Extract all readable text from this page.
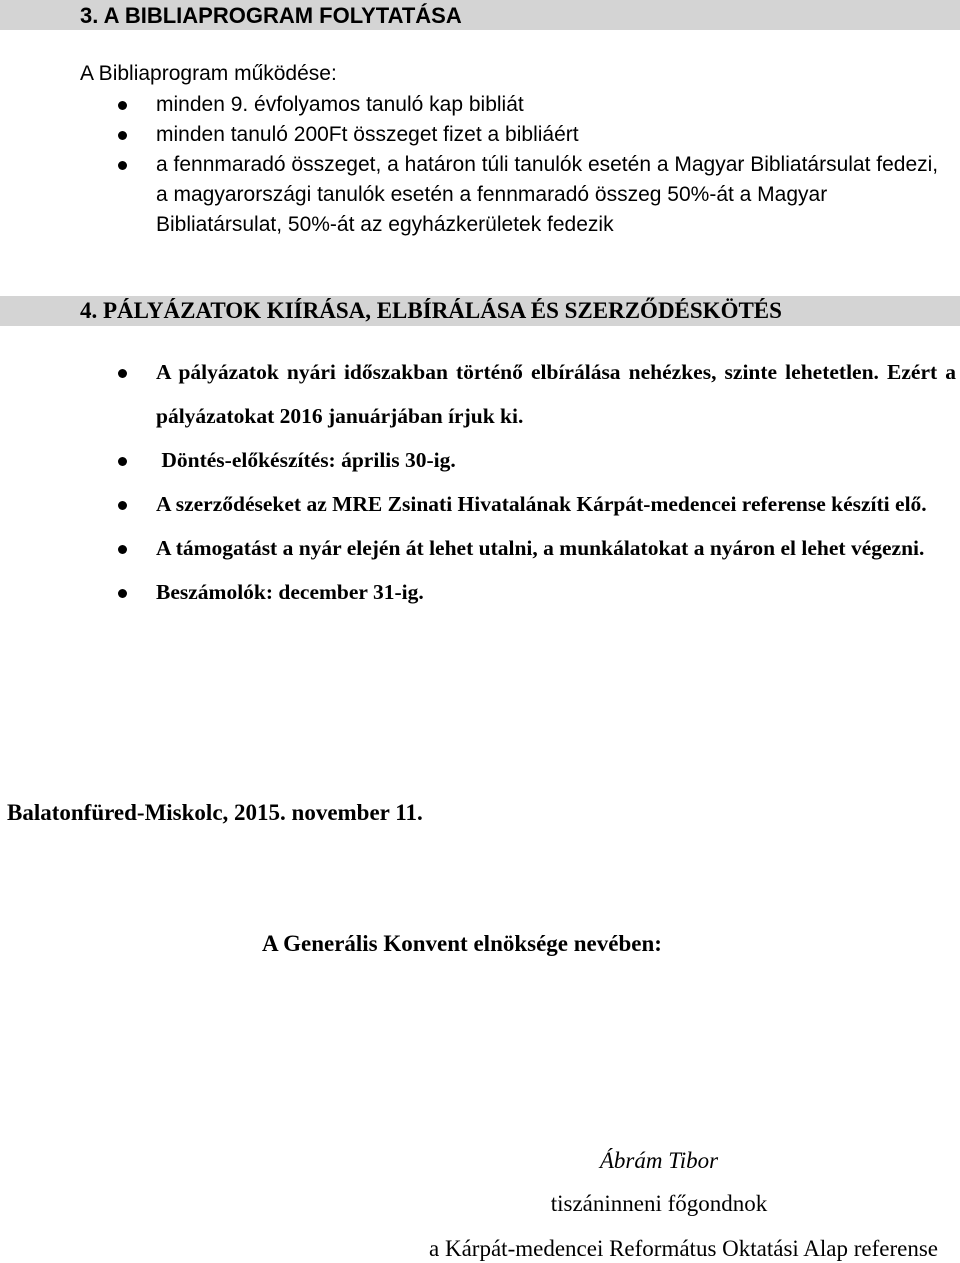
3. A BIBLIAPROGRAM FOLYTATÁSA
A Bibliaprogram működése:
minden 9. évfolyamos tanuló kap bibliát
minden tanuló 200Ft összeget fizet a bibliáért
a fennmaradó összeget, a határon túli tanulók esetén a Magyar Bibliatársulat fedezi, a magyarországi tanulók esetén a fennmaradó összeg 50%-át a Magyar Bibliatársulat, 50%-át az egyházkerületek fedezik
4. PÁLYÁZATOK KIÍRÁSA, ELBÍRÁLÁSA ÉS SZERZŐDÉSKÖTÉS
A pályázatok nyári időszakban történő elbírálása nehézkes, szinte lehetetlen. Ezért a pályázatokat 2016 januárjában írjuk ki.
Döntés-előkészítés: április 30-ig.
A szerződéseket az MRE Zsinati Hivatalának Kárpát-medencei referense készíti elő.
A támogatást a nyár elején át lehet utalni, a munkálatokat a nyáron el lehet végezni.
Beszámolók: december 31-ig.
Balatonfüred-Miskolc, 2015. november 11.
A Generális Konvent elnöksége nevében:
Ábrám Tibor
tiszáninneni főgondnok
a Kárpát-medencei Református Oktatási Alap referense
